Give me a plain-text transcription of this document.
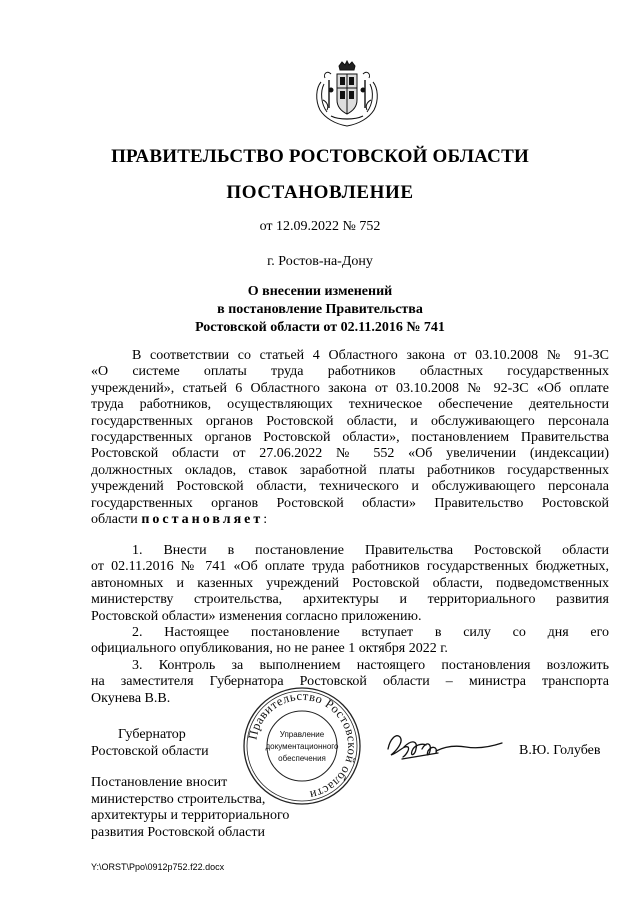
ПРАВИТЕЛЬСТВО РОСТОВСКОЙ ОБЛАСТИ
ПОСТАНОВЛЕНИЕ
от 12.09.2022 № 752
г. Ростов-на-Дону
О внесении изменений
в постановление Правительства
Ростовской области от 02.11.2016 № 741
В соответствии со статьей 4 Областного закона от 03.10.2008 № 91-ЗС
«О системе оплаты труда работников областных государственных
учреждений», статьей 6 Областного закона от 03.10.2008 № 92-ЗС «Об оплате
труда работников, осуществляющих техническое обеспечение деятельности
государственных органов Ростовской области, и обслуживающего персонала
государственных органов Ростовской области», постановлением Правительства
Ростовской области от 27.06.2022 № 552 «Об увеличении (индексации)
должностных окладов, ставок заработной платы работников государственных
учреждений Ростовской области, технического и обслуживающего персонала
государственных органов Ростовской области» Правительство Ростовской
области постановляет:
1. Внести в постановление Правительства Ростовской области
от 02.11.2016 № 741 «Об оплате труда работников государственных бюджетных,
автономных и казенных учреждений Ростовской области, подведомственных
министерству строительства, архитектуры и территориального развития
Ростовской области» изменения согласно приложению.
2. Настоящее постановление вступает в силу со дня его
официального опубликования, но не ранее 1 октября 2022 г.
3. Контроль за выполнением настоящего постановления возложить
на заместителя Губернатора Ростовской области – министра транспорта
Окунева В.В.
Губернатор
Ростовской области
Правительство Ростовской области
Управление
документационного
обеспечения
В.Ю. Голубев
Постановление вносит
министерство строительства,
архитектуры и территориального
развития Ростовской области
Y:\ORST\Ppo\0912p752.f22.docx
